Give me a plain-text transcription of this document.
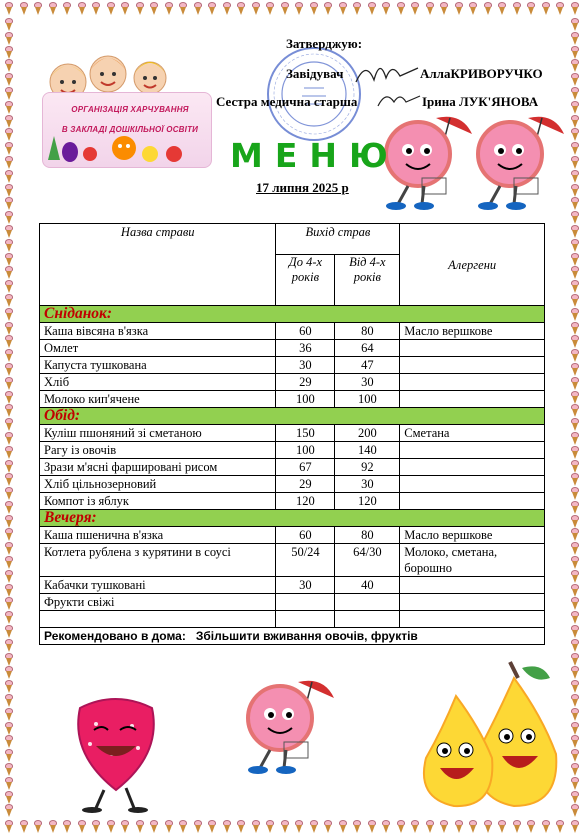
ОРГАНІЗАЦІЯ ХАРЧУВАННЯ
В ЗАКЛАДІ ДОШКІЛЬНОЇ ОСВІТИ
Затверджую:
Завідувач	АллаКРИВОРУЧКО
Сестра медична старша	Ірина ЛУК'ЯНОВА
МЕНЮ
17 липня 2025 р
Назва страви	Вихід страв		Алергени
	До 4-х років	Від 4-х років	
Сніданок:			
Каша вівсяна в'язка	60	80	Масло вершкове
Омлет	36	64	
Капуста тушкована	30	47	
Хліб	29	30	
Молоко кип'ячене	100	100	
Обід:			
Куліш пшоняний зі сметаною	150	200	Сметана
Рагу із овочів	100	140	
Зрази м'ясні фаршировані рисом	67	92	
Хліб цільнозерновий	29	30	
Компот із яблук	120	120	
Вечеря:			
Каша пшенична в'язка	60	80	Масло вершкове
Котлета рублена з курятини в соусі	50/24	64/30	Молоко, сметана, борошно
Кабачки тушковані	30	40	
Фрукти свіжі			

Рекомендовано в дома: Збільшити вживання овочів, фруктів			
